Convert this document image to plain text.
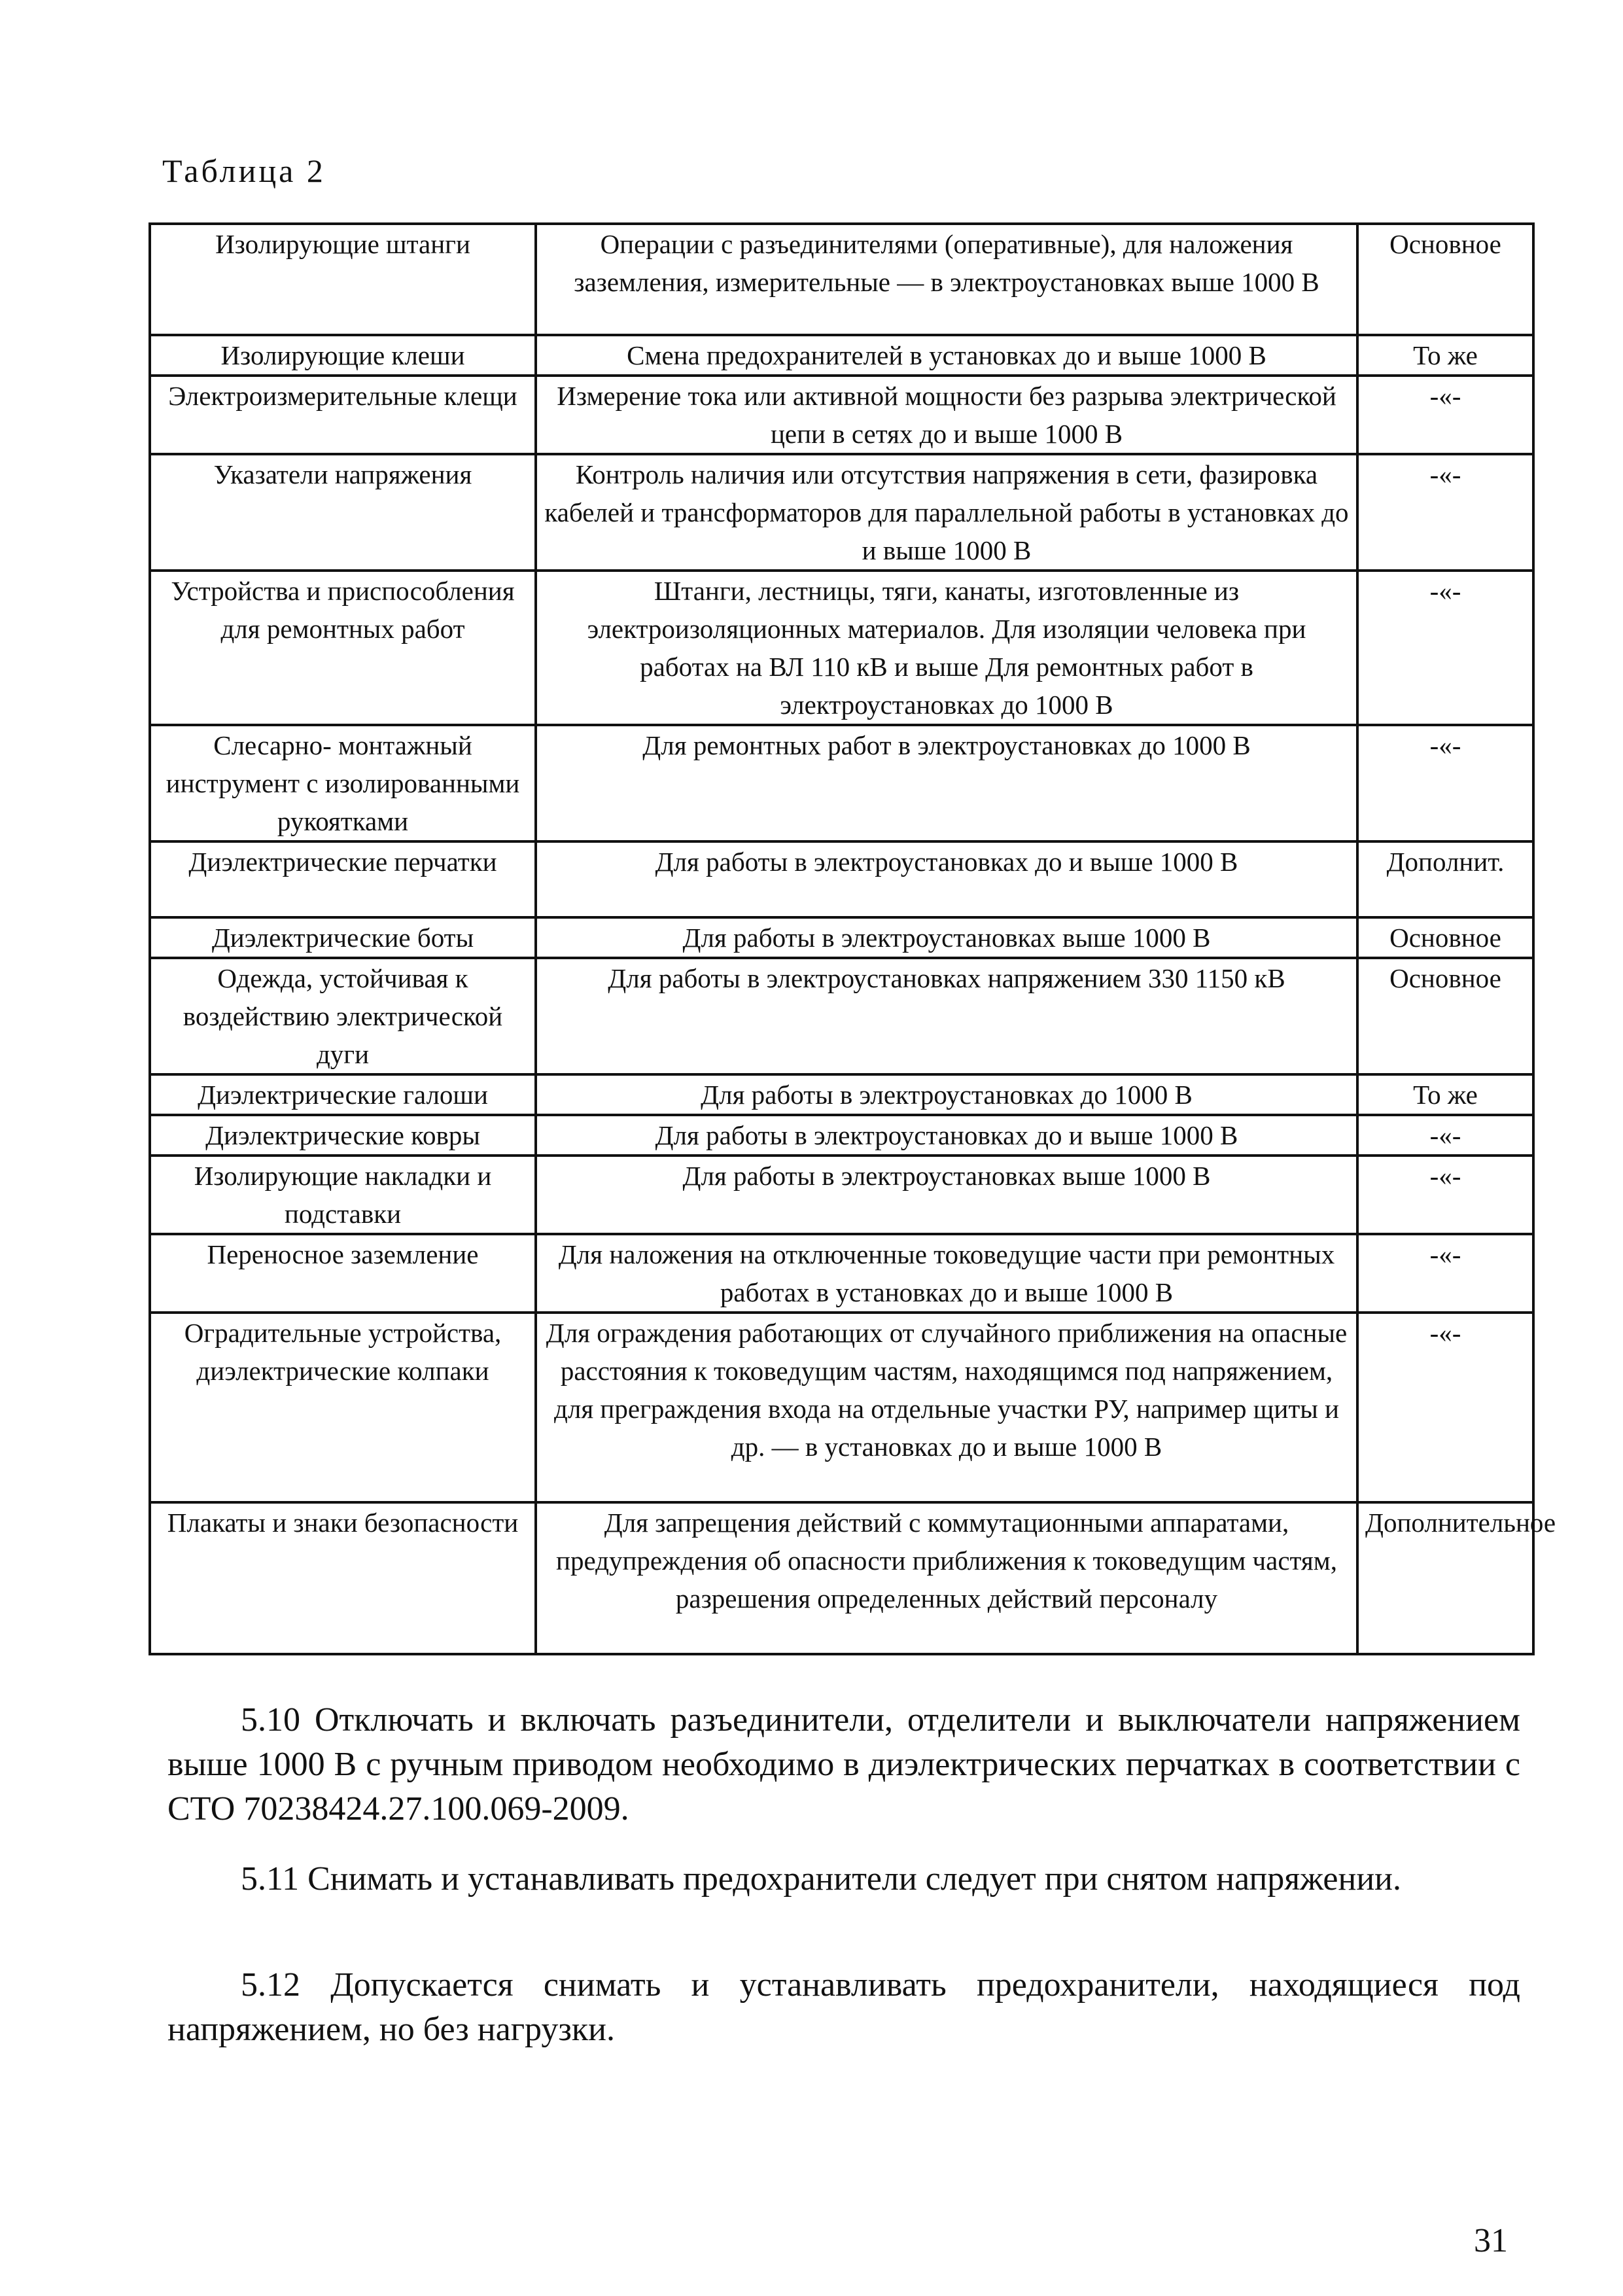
Таблица 2
Изолирующие штанги	Операции с разъединителями (оперативные), для наложения заземления, измерительные — в электроустановках выше 1000 В	Основное
Изолирующие клеши	Смена предохранителей в установках до и выше 1000 В	То же
Электроизмерительные клещи	Измерение тока или активной мощности без разрыва электрической цепи в сетях до и выше 1000 В	-«-
Указатели напряжения	Контроль наличия или отсутствия напряжения в сети, фазировка кабелей и трансформаторов для параллельной работы в установках до и выше 1000 В	-«-
Устройства и приспособления для ремонтных работ	Штанги, лестницы, тяги, канаты, изготовленные из электроизоляционных материалов. Для изоляции человека при работах на ВЛ 110 кВ и выше Для ремонтных работ в электроустановках до 1000 В	-«-
Слесарно- монтажный инструмент с изолированными рукоятками	Для ремонтных работ в электроустановках до 1000 В	-«-
Диэлектрические перчатки	Для работы в электроустановках до и выше 1000 В	Дополнит.
Диэлектрические боты	Для работы в электроустановках выше 1000 В	Основное
Одежда, устойчивая к воздействию электрической дуги	Для работы в электроустановках напряжением 330 1150 кВ	Основное
Диэлектрические галоши	Для работы в электроустановках до 1000 В	То же
Диэлектрические ковры	Для работы в электроустановках до и выше 1000 В	-«-
Изолирующие накладки и подставки	Для работы в электроустановках выше 1000 В	-«-
Переносное заземление	Для наложения на отключенные токоведущие части при ремонтных работах в установках до и выше 1000 В	-«-
Оградительные устройства, диэлектрические колпаки	Для ограждения работающих от случайного приближения на опасные расстояния к токоведущим частям, находящимся под напряжением, для преграждения входа на отдельные участки РУ, например щиты и др. — в установках до и выше 1000 В	-«-
Плакаты и знаки безопасности	Для запрещения действий с коммутационными аппаратами, предупреждения об опасности приближения к токоведущим частям, разрешения определенных действий персоналу	Дополнительное

5.10 Отключать и включать разъединители, отделители и выключатели напряжением выше 1000 В с ручным приводом необходимо в диэлектрических перчатках в соответствии с СТО 70238424.27.100.069-2009.

5.11 Снимать и устанавливать предохранители следует при снятом напряжении.

5.12 Допускается снимать и устанавливать предохранители, находящиеся под напряжением, но без нагрузки.

31
